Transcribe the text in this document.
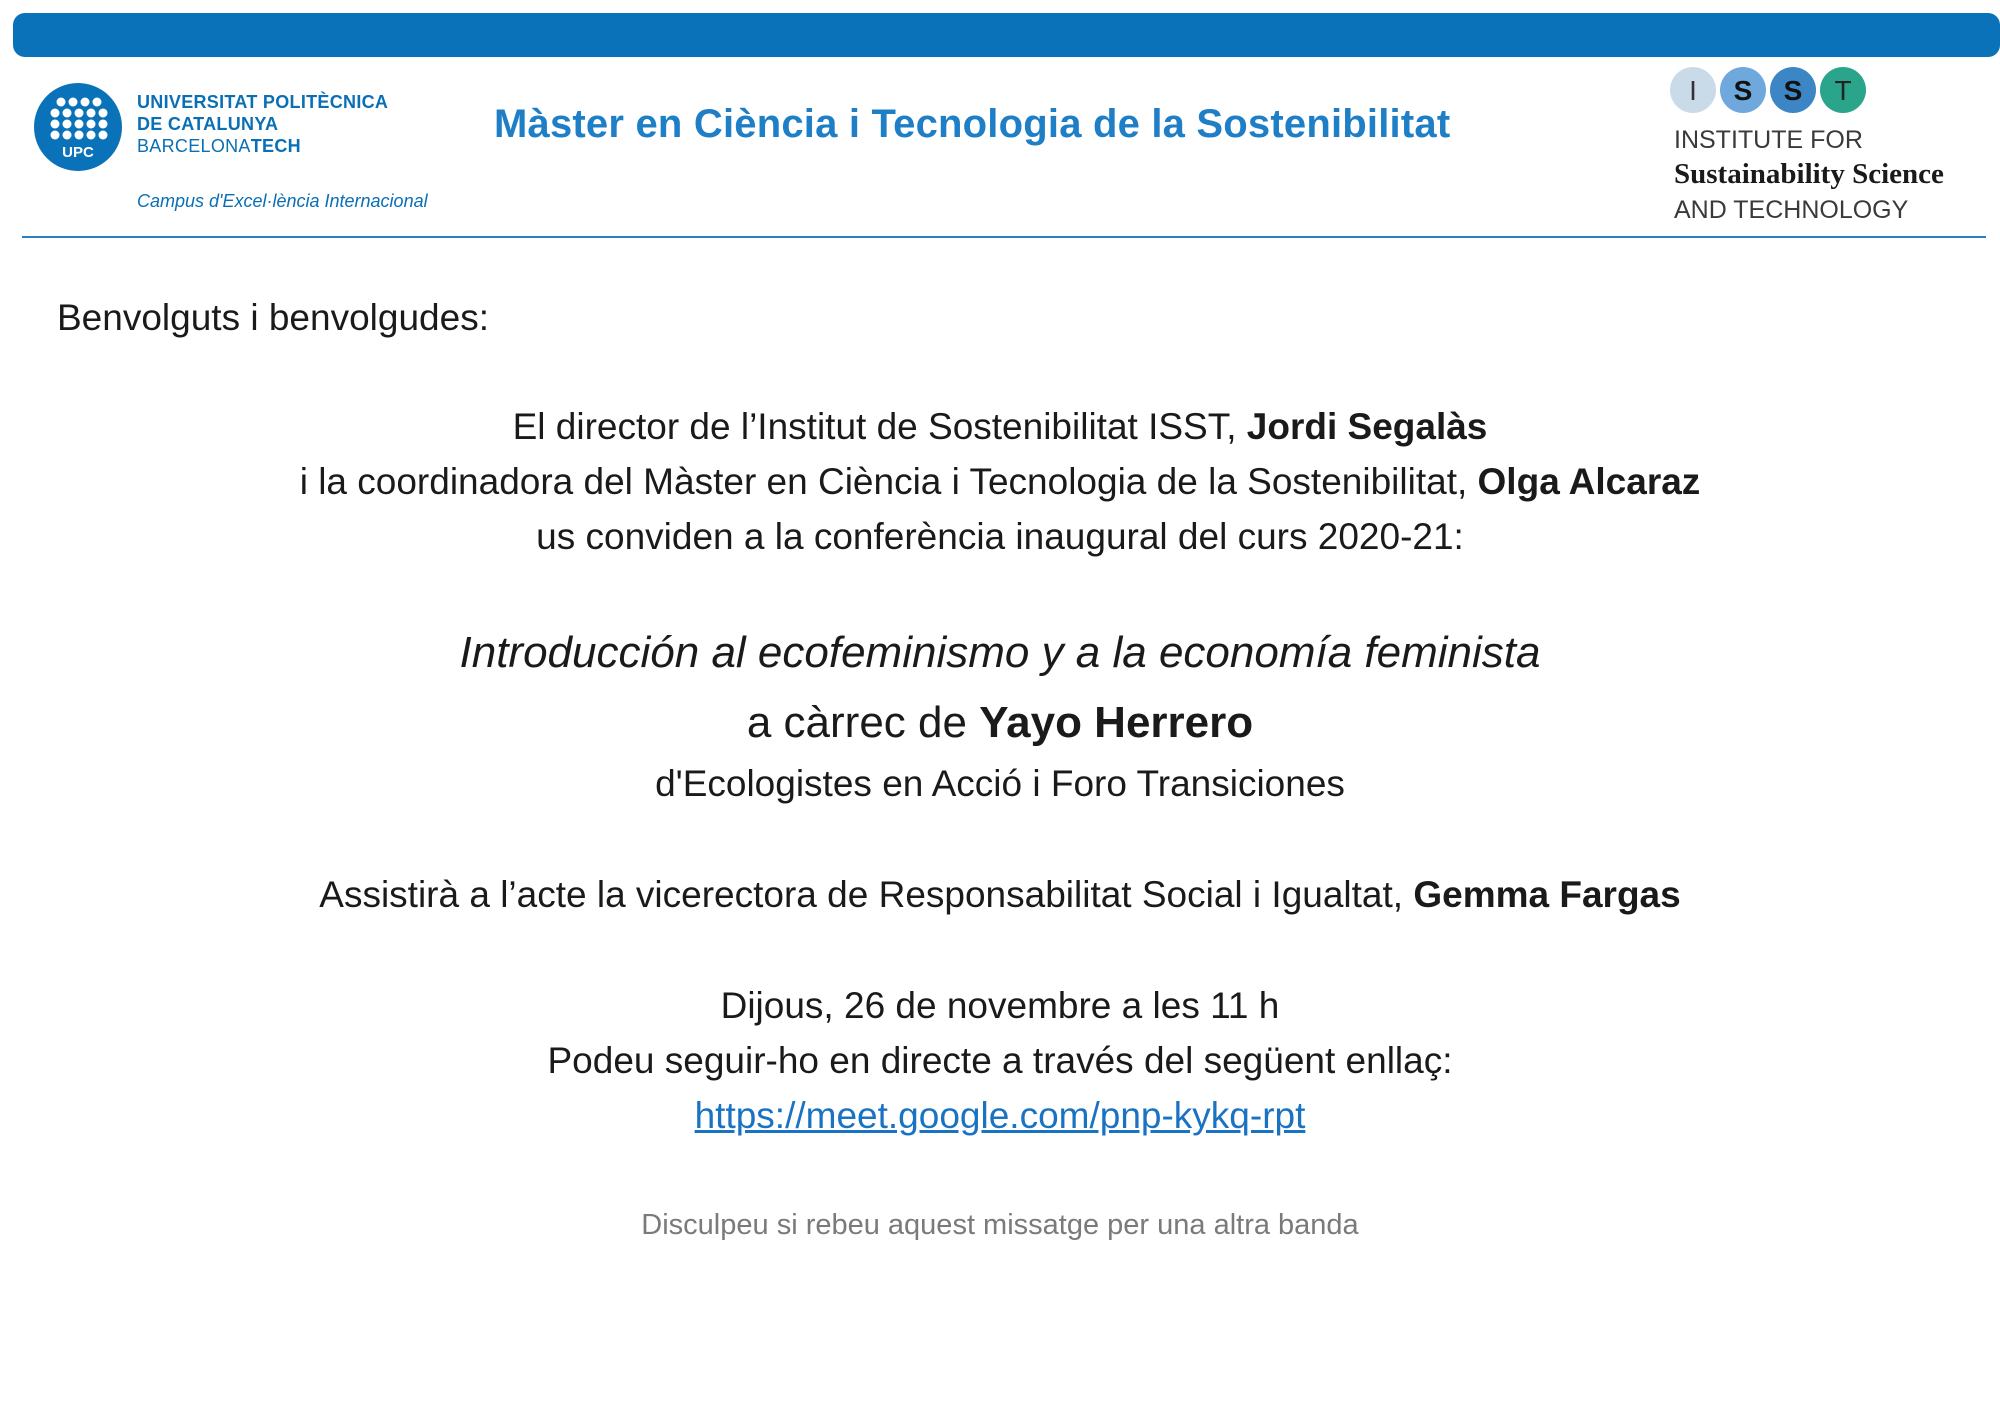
UPC
UNIVERSITAT POLITÈCNICA
DE CATALUNYA
BARCELONATECH
Campus d'Excel·lència Internacional
Màster en Ciència i Tecnologia de la Sostenibilitat
I S S T
INSTITUTE FOR
Sustainability Science
AND TECHNOLOGY
Benvolguts i benvolgudes:
El director de l’Institut de Sostenibilitat ISST, Jordi Segalàs
i la coordinadora del Màster en Ciència i Tecnologia de la Sostenibilitat, Olga Alcaraz
us conviden a la conferència inaugural del curs 2020-21:
Introducción al ecofeminismo y a la economía feminista
a càrrec de Yayo Herrero
d'Ecologistes en Acció i Foro Transiciones
Assistirà a l’acte la vicerectora de Responsabilitat Social i Igualtat, Gemma Fargas
Dijous, 26 de novembre a les 11 h
Podeu seguir-ho en directe a través del següent enllaç:
https://meet.google.com/pnp-kykq-rpt
Disculpeu si rebeu aquest missatge per una altra banda
